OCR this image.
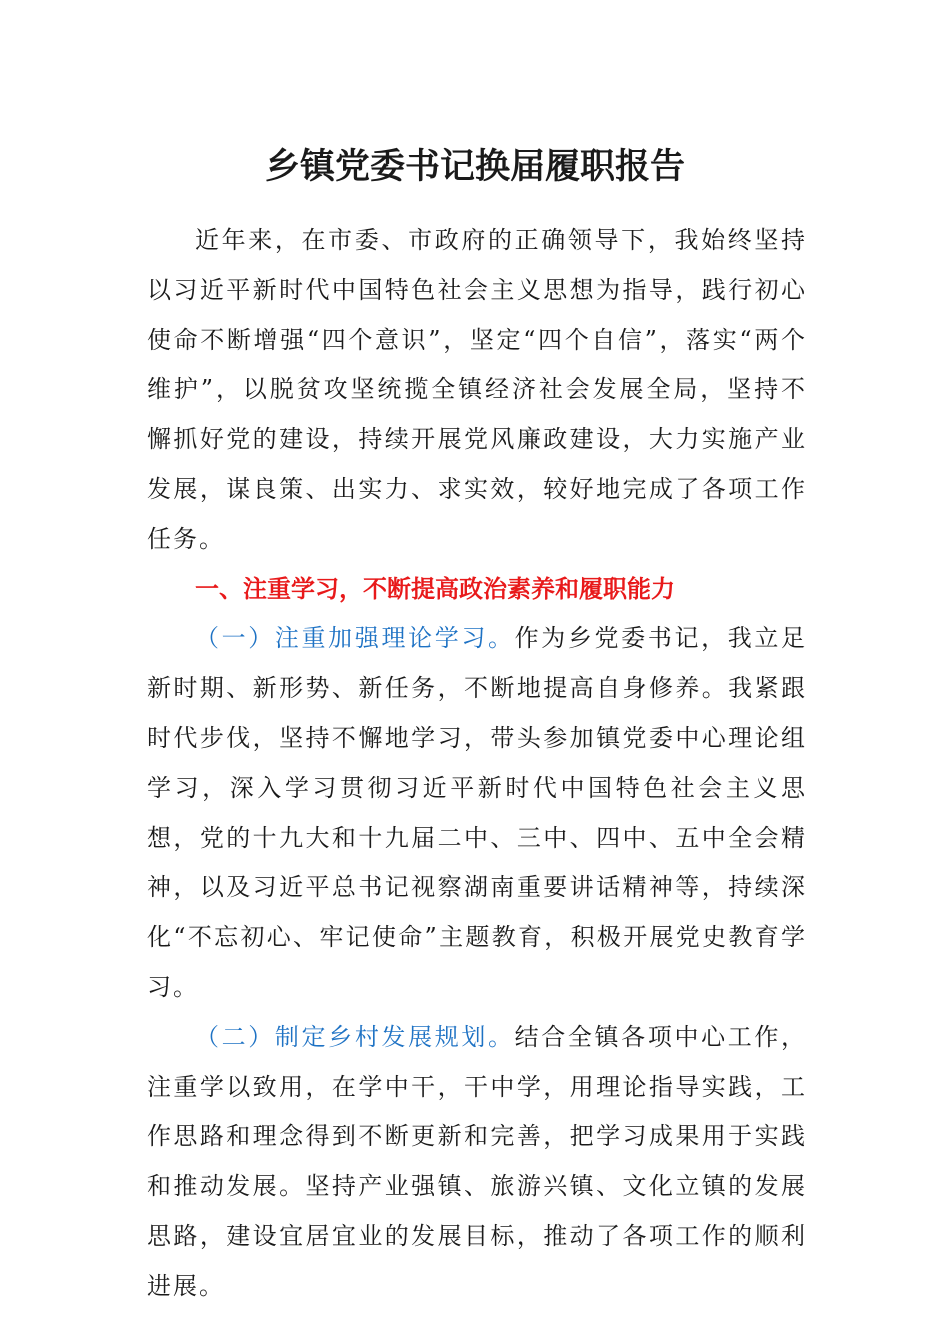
乡镇党委书记换届履职报告

近年来，在市委、市政府的正确领导下，我始终坚持以习近平新时代中国特色社会主义思想为指导，践行初心使命不断增强“四个意识”，坚定“四个自信”，落实“两个维护”，以脱贫攻坚统揽全镇经济社会发展全局，坚持不懈抓好党的建设，持续开展党风廉政建设，大力实施产业发展，谋良策、出实力、求实效，较好地完成了各项工作任务。

一、注重学习，不断提高政治素养和履职能力

（一）注重加强理论学习。作为乡党委书记，我立足新时期、新形势、新任务，不断地提高自身修养。我紧跟时代步伐，坚持不懈地学习，带头参加镇党委中心理论组学习，深入学习贯彻习近平新时代中国特色社会主义思想，党的十九大和十九届二中、三中、四中、五中全会精神，以及习近平总书记视察湖南重要讲话精神等，持续深化“不忘初心、牢记使命”主题教育，积极开展党史教育学习。

（二）制定乡村发展规划。结合全镇各项中心工作，注重学以致用，在学中干，干中学，用理论指导实践，工作思路和理念得到不断更新和完善，把学习成果用于实践和推动发展。坚持产业强镇、旅游兴镇、文化立镇的发展思路，建设宜居宜业的发展目标，推动了各项工作的顺利进展。
